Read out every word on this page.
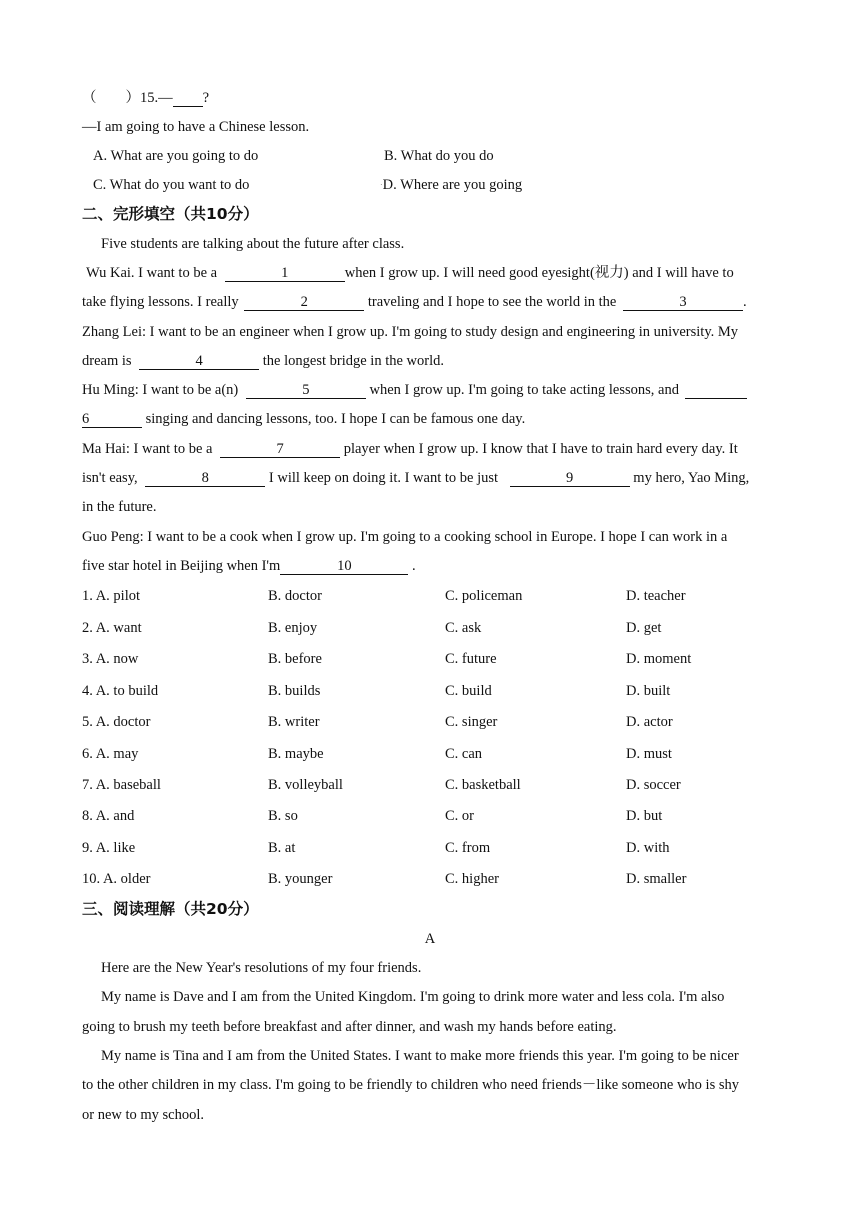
（　　）15.— ?
—I am going to have a Chinese lesson.
A. What are you going to do	B. What do you do
C. What do you want to do	·D. Where are you going
二、完形填空（共10分）
Five students are talking about the future after class.
Wu Kai. I want to be a	1	when I grow up. I will need good eyesight(视力) and I will have to
take flying lessons. I really	2	traveling and I hope to see the world in the	3	.
Zhang Lei: I want to be an engineer when I grow up. I'm going to study design and engineering in university. My
dream is	4	the longest bridge in the world.
Hu Ming: I want to be a(n)	5	when I grow up. I'm going to take acting lessons, and
6	singing and dancing lessons, too. I hope I can be famous one day.
Ma Hai: I want to be a	7	player when I grow up. I know that I have to train hard every day. It
isn't easy,	8	I will keep on doing it. I want to be just	9	my hero, Yao Ming,
in the future.
Guo Peng: I want to be a cook when I grow up. I'm going to a cooking school in Europe. I hope I can work in a
five star hotel in Beijing when I'm	10	.
1. A. pilot	B. doctor	C. policeman	D. teacher
2. A. want	B. enjoy	C. ask	D. get
3. A. now	B. before	C. future	D. moment
4. A. to build	B. builds	C. build	D. built
5. A. doctor	B. writer	C. singer	D. actor
6. A. may	B. maybe	C. can	D. must
7. A. baseball	B. volleyball	C. basketball	D. soccer
8. A. and	B. so	C. or	D. but
9. A. like	B. at	C. from	D. with
10. A. older	B. younger	C. higher	D. smaller
三、阅读理解（共20分）
A
Here are the New Year's resolutions of my four friends.
My name is Dave and I am from the United Kingdom. I'm going to drink more water and less cola. I'm also
going to brush my teeth before breakfast and after dinner, and wash my hands before eating.
My name is Tina and I am from the United States. I want to make more friends this year. I'm going to be nicer
to the other children in my class. I'm going to be friendly to children who need friends－like someone who is shy
or new to my school.
